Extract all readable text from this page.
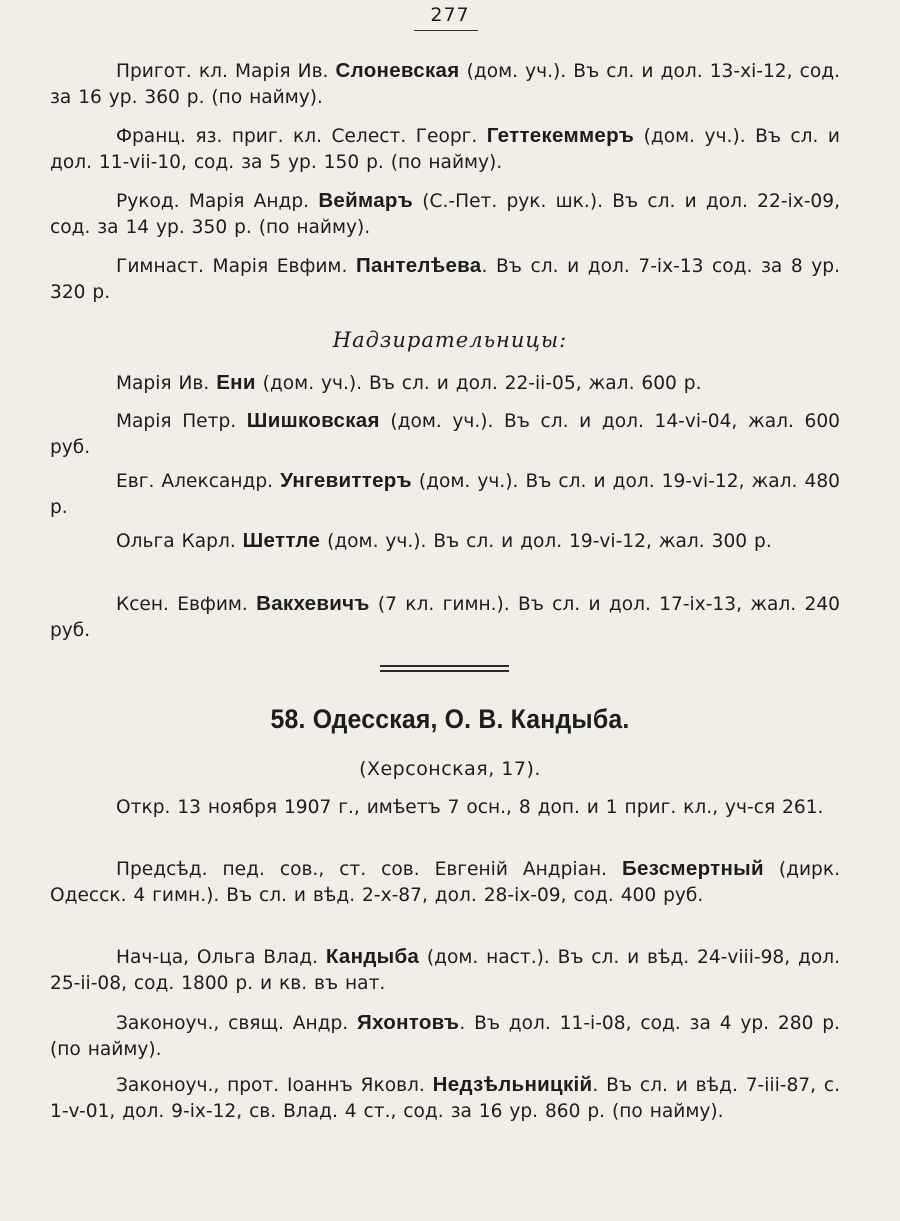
277
Пригот. кл. Марія Ив. Слоневская (дом. уч.). Въ сл. и дол. 13-xi-12, сод. за 16 ур. 360 р. (по найму).
Франц. яз. приг. кл. Селест. Георг. Геттекеммеръ (дом. уч.). Въ сл. и дол. 11-vii-10, сод. за 5 ур. 150 р. (по найму).
Рукод. Марія Андр. Веймаръ (С.-Пет. рук. шк.). Въ сл. и дол. 22-ix-09, сод. за 14 ур. 350 р. (по найму).
Гимнаст. Марія Евфим. Пантелѣева. Въ сл. и дол. 7-ix-13 сод. за 8 ур. 320 р.
Надзирательницы:
Марія Ив. Ени (дом. уч.). Въ сл. и дол. 22-ii-05, жал. 600 р.
Марія Петр. Шишковская (дом. уч.). Въ сл. и дол. 14-vi-04, жал. 600 руб.
Евг. Александр. Унгевиттеръ (дом. уч.). Въ сл. и дол. 19-vi-12, жал. 480 р.
Ольга Карл. Шеттле (дом. уч.). Въ сл. и дол. 19-vi-12, жал. 300 р.
Ксен. Евфим. Вакхевичъ (7 кл. гимн.). Въ сл. и дол. 17-ix-13, жал. 240 руб.
58. Одесская, О. В. Кандыба.
(Херсонская, 17).
Откр. 13 ноября 1907 г., имѣетъ 7 осн., 8 доп. и 1 приг. кл., уч-ся 261.
Предсѣд. пед. сов., ст. сов. Евгеній Андріан. Безсмертный (дирк. Одесск. 4 гимн.). Въ сл. и вѣд. 2-x-87, дол. 28-ix-09, сод. 400 руб.
Нач-ца, Ольга Влад. Кандыба (дом. наст.). Въ сл. и вѣд. 24-viii-98, дол. 25-ii-08, сод. 1800 р. и кв. въ нат.
Законоуч., свящ. Андр. Яхонтовъ. Въ дол. 11-i-08, сод. за 4 ур. 280 р. (по найму).
Законоуч., прот. Іоаннъ Яковл. Недзѣльницкій. Въ сл. и вѣд. 7-iii-87, с. 1-v-01, дол. 9-ix-12, св. Влад. 4 ст., сод. за 16 ур. 860 р. (по найму).
